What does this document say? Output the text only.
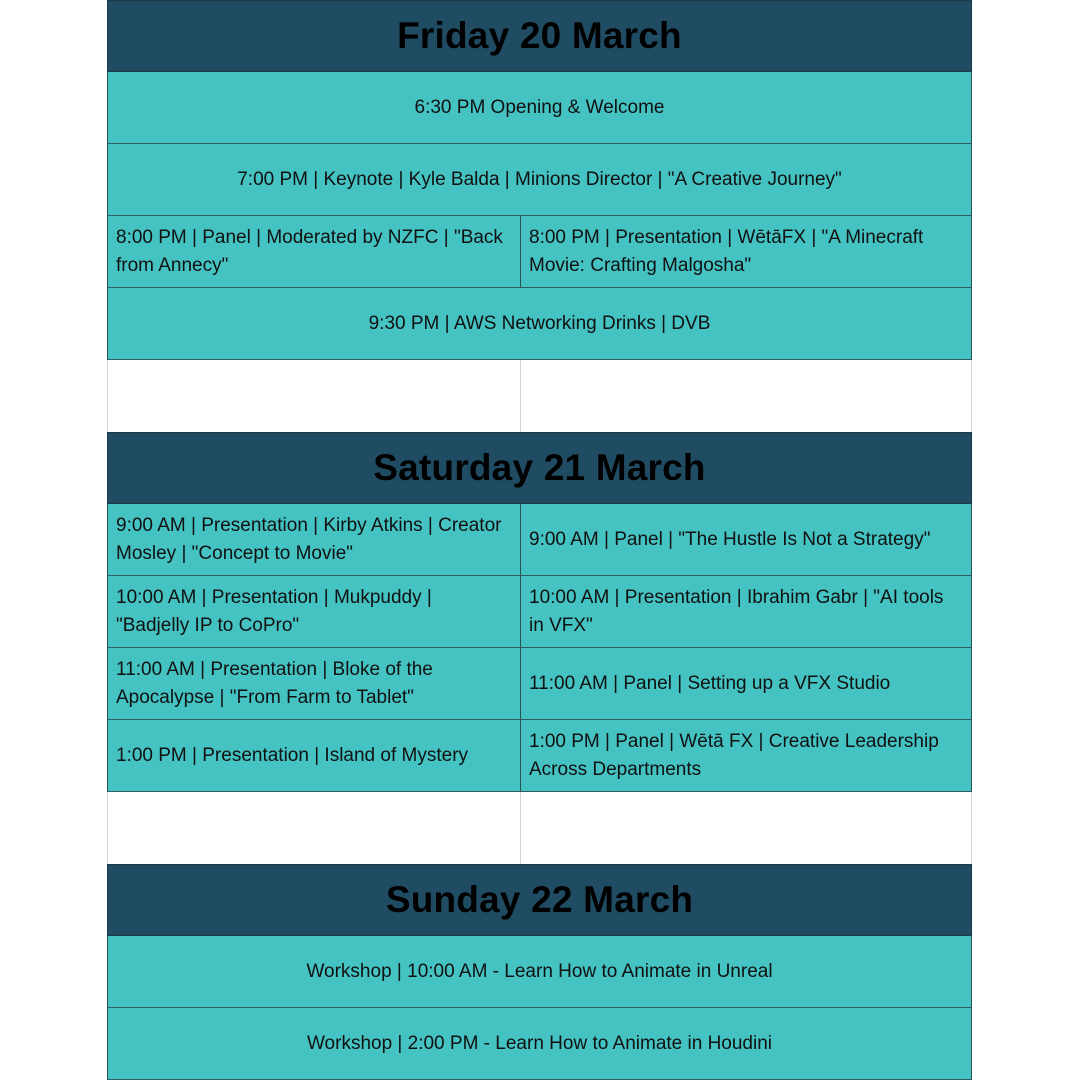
Friday 20 March
6:30 PM Opening & Welcome
7:00 PM | Keynote | Kyle Balda | Minions Director | "A Creative Journey"
8:00 PM | Panel | Moderated by NZFC | "Back from Annecy"
8:00 PM | Presentation | WētāFX | "A Minecraft Movie: Crafting Malgosha"
9:30 PM | AWS Networking Drinks | DVB
Saturday 21 March
9:00 AM | Presentation | Kirby Atkins | Creator Mosley | "Concept to Movie"
9:00 AM | Panel | "The Hustle Is Not a Strategy"
10:00 AM | Presentation | Mukpuddy | "Badjelly IP to CoPro"
10:00 AM | Presentation | Ibrahim Gabr | "AI tools in VFX"
11:00 AM | Presentation | Bloke of the Apocalypse | "From Farm to Tablet"
11:00 AM | Panel | Setting up a VFX Studio
1:00 PM | Presentation | Island of Mystery
1:00 PM | Panel | Wētā FX | Creative Leadership Across Departments
Sunday 22 March
Workshop | 10:00 AM - Learn How to Animate in Unreal
Workshop | 2:00 PM - Learn How to Animate in Houdini
